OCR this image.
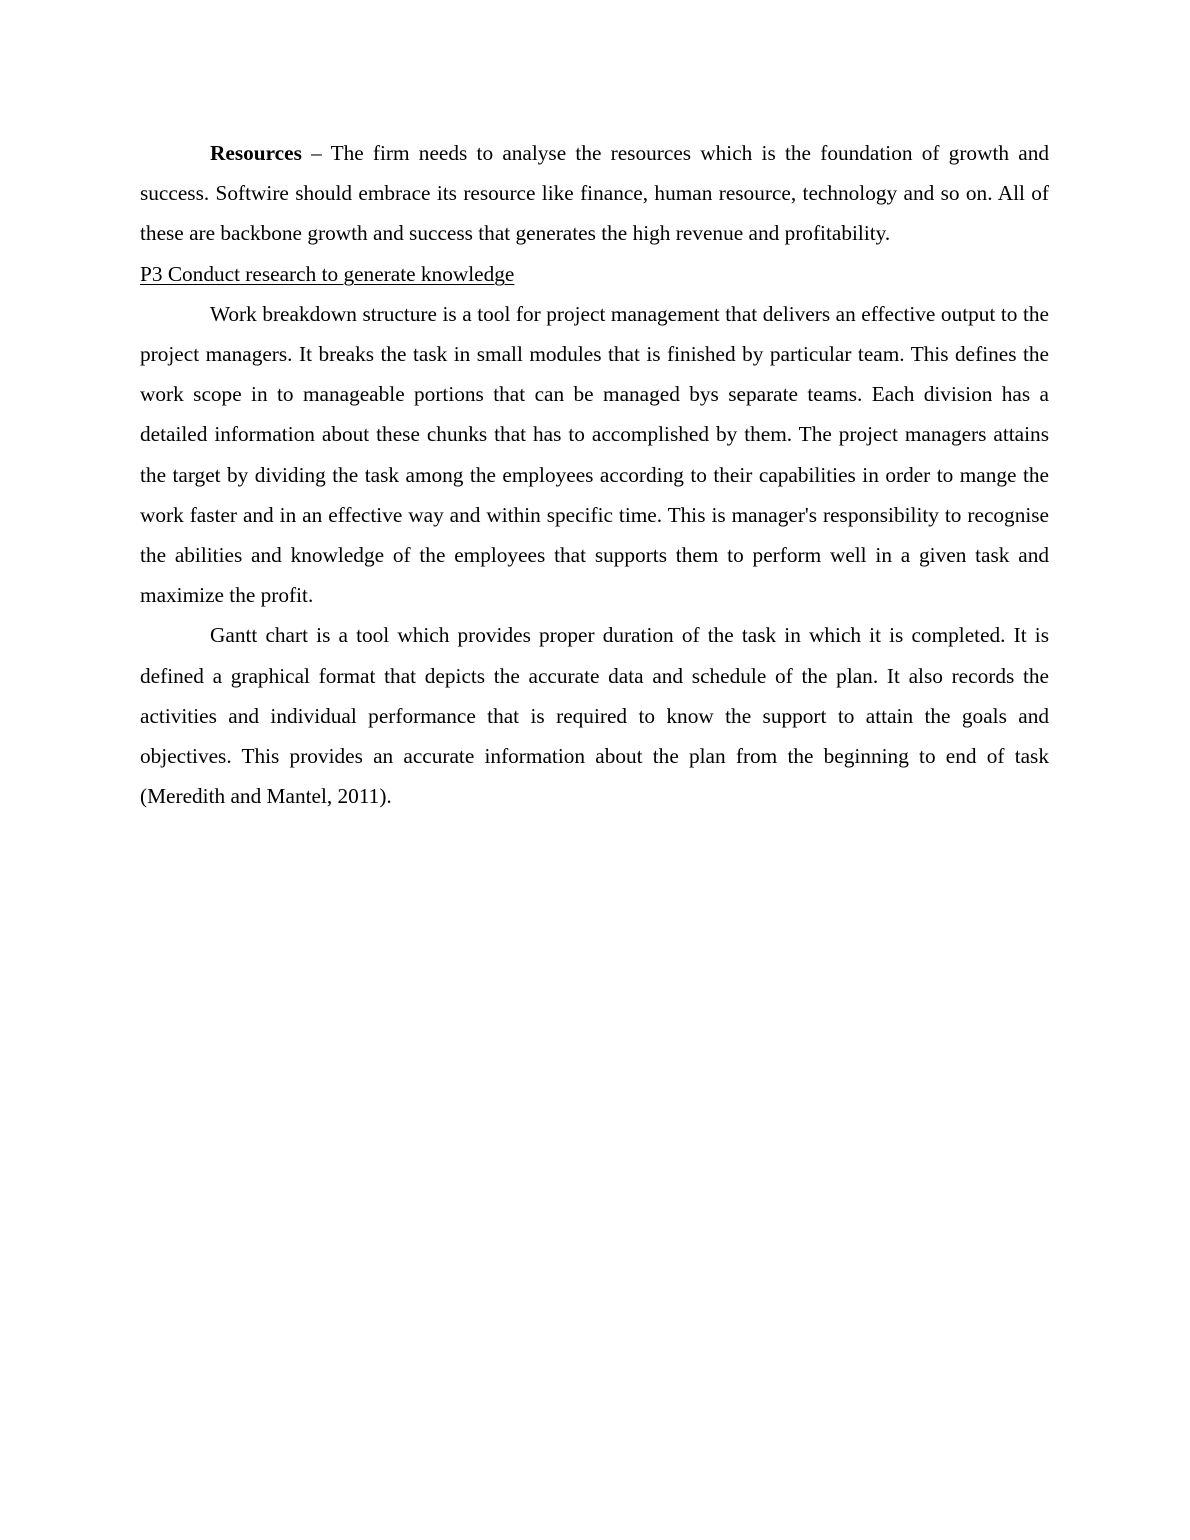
Resources – The firm needs to analyse the resources which is the foundation of growth and success. Softwire should embrace its resource like finance, human resource, technology and so on. All of these are backbone growth and success that generates the high revenue and profitability.

P3 Conduct research to generate knowledge

Work breakdown structure is a tool for project management that delivers an effective output to the project managers. It breaks the task in small modules that is finished by particular team. This defines the work scope in to manageable portions that can be managed bys separate teams. Each division has a detailed information about these chunks that has to accomplished by them. The project managers attains the target by dividing the task among the employees according to their capabilities in order to mange the work faster and in an effective way and within specific time. This is manager's responsibility to recognise the abilities and knowledge of the employees that supports them to perform well in a given task and maximize the profit.

Gantt chart is a tool which provides proper duration of the task in which it is completed. It is defined a graphical format that depicts the accurate data and schedule of the plan. It also records the activities and individual performance that is required to know the support to attain the goals and objectives. This provides an accurate information about the plan from the beginning to end of task (Meredith and Mantel, 2011).
